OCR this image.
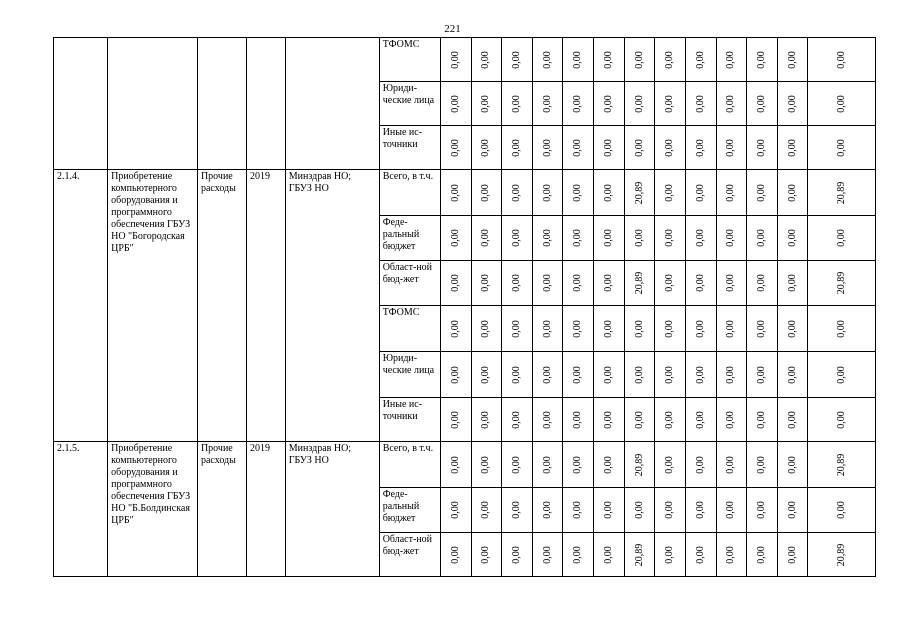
221
					ТФОМС	0,00	0,00	0,00	0,00	0,00	0,00	0,00	0,00	0,00	0,00	0,00	0,00	0,00

					Юриди-ческие лица	0,00	0,00	0,00	0,00	0,00	0,00	0,00	0,00	0,00	0,00	0,00	0,00	0,00

					Иные ис-точники	0,00	0,00	0,00	0,00	0,00	0,00	0,00	0,00	0,00	0,00	0,00	0,00	0,00

2.1.4.	Приобретение компьютерного оборудования и программного обеспечения ГБУЗ НО "Богородская ЦРБ"	Прочие расходы	2019	Минздрав НО; ГБУЗ НО	Всего, в т.ч.	0,00	0,00	0,00	0,00	0,00	0,00	20,89	0,00	0,00	0,00	0,00	0,00	20,89

					Феде-ральный бюджет	0,00	0,00	0,00	0,00	0,00	0,00	0,00	0,00	0,00	0,00	0,00	0,00	0,00

					Област-ной бюд-жет	0,00	0,00	0,00	0,00	0,00	0,00	20,89	0,00	0,00	0,00	0,00	0,00	20,89

					ТФОМС	0,00	0,00	0,00	0,00	0,00	0,00	0,00	0,00	0,00	0,00	0,00	0,00	0,00

					Юриди-ческие лица	0,00	0,00	0,00	0,00	0,00	0,00	0,00	0,00	0,00	0,00	0,00	0,00	0,00

					Иные ис-точники	0,00	0,00	0,00	0,00	0,00	0,00	0,00	0,00	0,00	0,00	0,00	0,00	0,00

2.1.5.	Приобретение компьютерного оборудования и программного обеспечения ГБУЗ НО "Б.Болдинская ЦРБ"	Прочие расходы	2019	Минздрав НО; ГБУЗ НО	Всего, в т.ч.	0,00	0,00	0,00	0,00	0,00	0,00	20,89	0,00	0,00	0,00	0,00	0,00	20,89

					Феде-ральный бюджет	0,00	0,00	0,00	0,00	0,00	0,00	0,00	0,00	0,00	0,00	0,00	0,00	0,00

					Област-ной бюд-жет	0,00	0,00	0,00	0,00	0,00	0,00	20,89	0,00	0,00	0,00	0,00	0,00	20,89
